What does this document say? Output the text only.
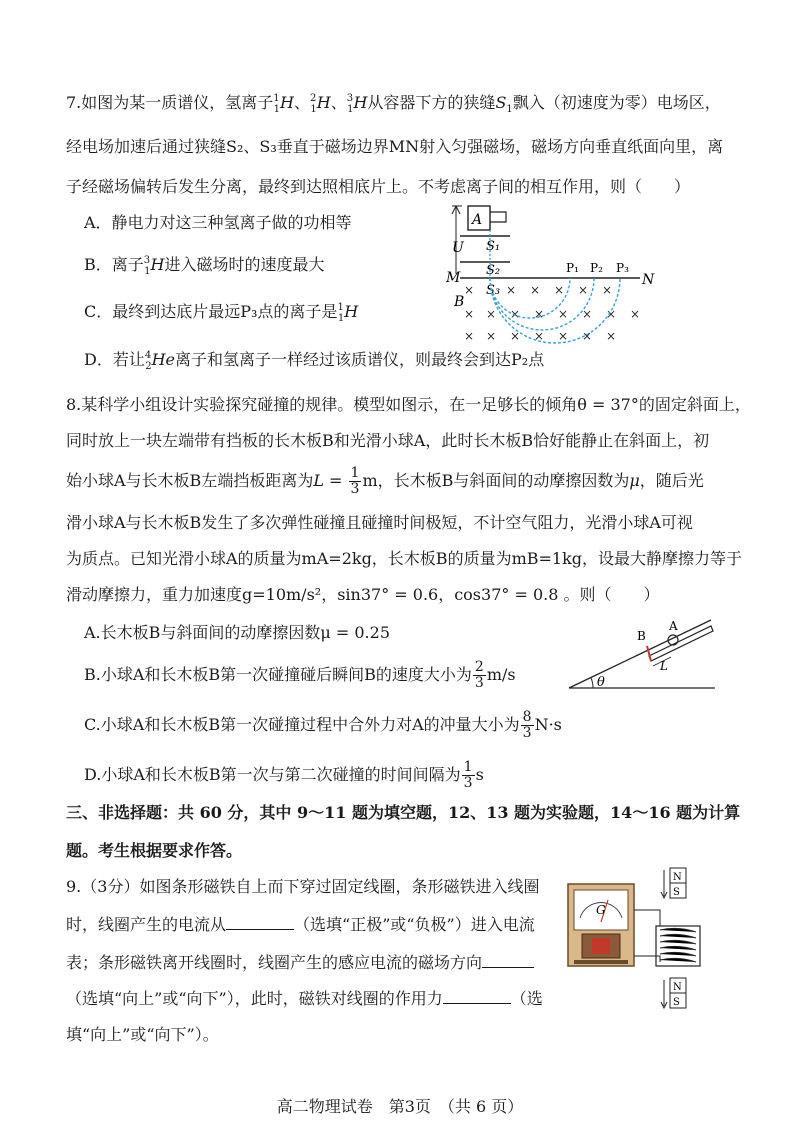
7.如图为某一质谱仪，氢离子$^1_1$H、$^2_1$H、$^3_1$H从容器下方的狭缝$S_1$飘入（初速度为零）电场区，
经电场加速后通过狭缝S₂、S₃垂直于磁场边界MN射入匀强磁场，磁场方向垂直纸面向里，离
子经磁场偏转后发生分离，最终到达照相底片上。不考虑离子间的相互作用，则（　　）
A．静电力对这三种氢离子做的功相等
B．离子$^3_1$H进入磁场时的速度最大
C．最终到达底片最远P₃点的离子是$^1_1$H
D．若让$^4_2$He离子和氢离子一样经过该质谱仪，则最终会到达P₂点
A
U S₁
S₂
M	N
S₃
P₁ P₂ P₃
B
×	× × × × ×
× × × × × × × ×
× × × × × × ×
8.某科学小组设计实验探究碰撞的规律。模型如图示，在一足够长的倾角θ = 37°的固定斜面上，
同时放上一块左端带有挡板的长木板B和光滑小球A，此时长木板B恰好能静止在斜面上，初
始小球A与长木板B左端挡板距离为$L = \frac{1}{3}$ m，长木板B与斜面间的动摩擦因数为μ，随后光
滑小球A与长木板B发生了多次弹性碰撞且碰撞时间极短，不计空气阻力，光滑小球A可视
为质点。已知光滑小球A的质量为mA=2kg，长木板B的质量为mB=1kg，设最大静摩擦力等于
滑动摩擦力，重力加速度g=10m/s²，sin37° = 0.6，cos37° = 0.8 。则（　　）
A.长木板B与斜面间的动摩擦因数μ = 0.25
B.小球A和长木板B第一次碰撞碰后瞬间B的速度大小为 $\frac{2}{3} m/s$
C.小球A和长木板B第一次碰撞过程中合外力对A的冲量大小为 $\frac{8}{3} N\cdot s$
D.小球A和长木板B第一次与第二次碰撞的时间间隔为 $\frac{1}{3}$ s
θ
B
A
L
三、非选择题：共 60 分，其中 9～11 题为填空题，12、13 题为实验题，14～16 题为计算
题。考生根据要求作答。
9.（3分）如图条形磁铁自上而下穿过固定线圈，条形磁铁进入线圈
时，线圈产生的电流从	（选填“正极”或“负极”）进入电流
表；条形磁铁离开线圈时，线圈产生的感应电流的磁场方向
（选填“向上”或“向下”），此时，磁铁对线圈的作用力	（选
填“向上”或“向下”）。
G
N
S
N
S
高二物理试卷　第3页　（共 6 页）
